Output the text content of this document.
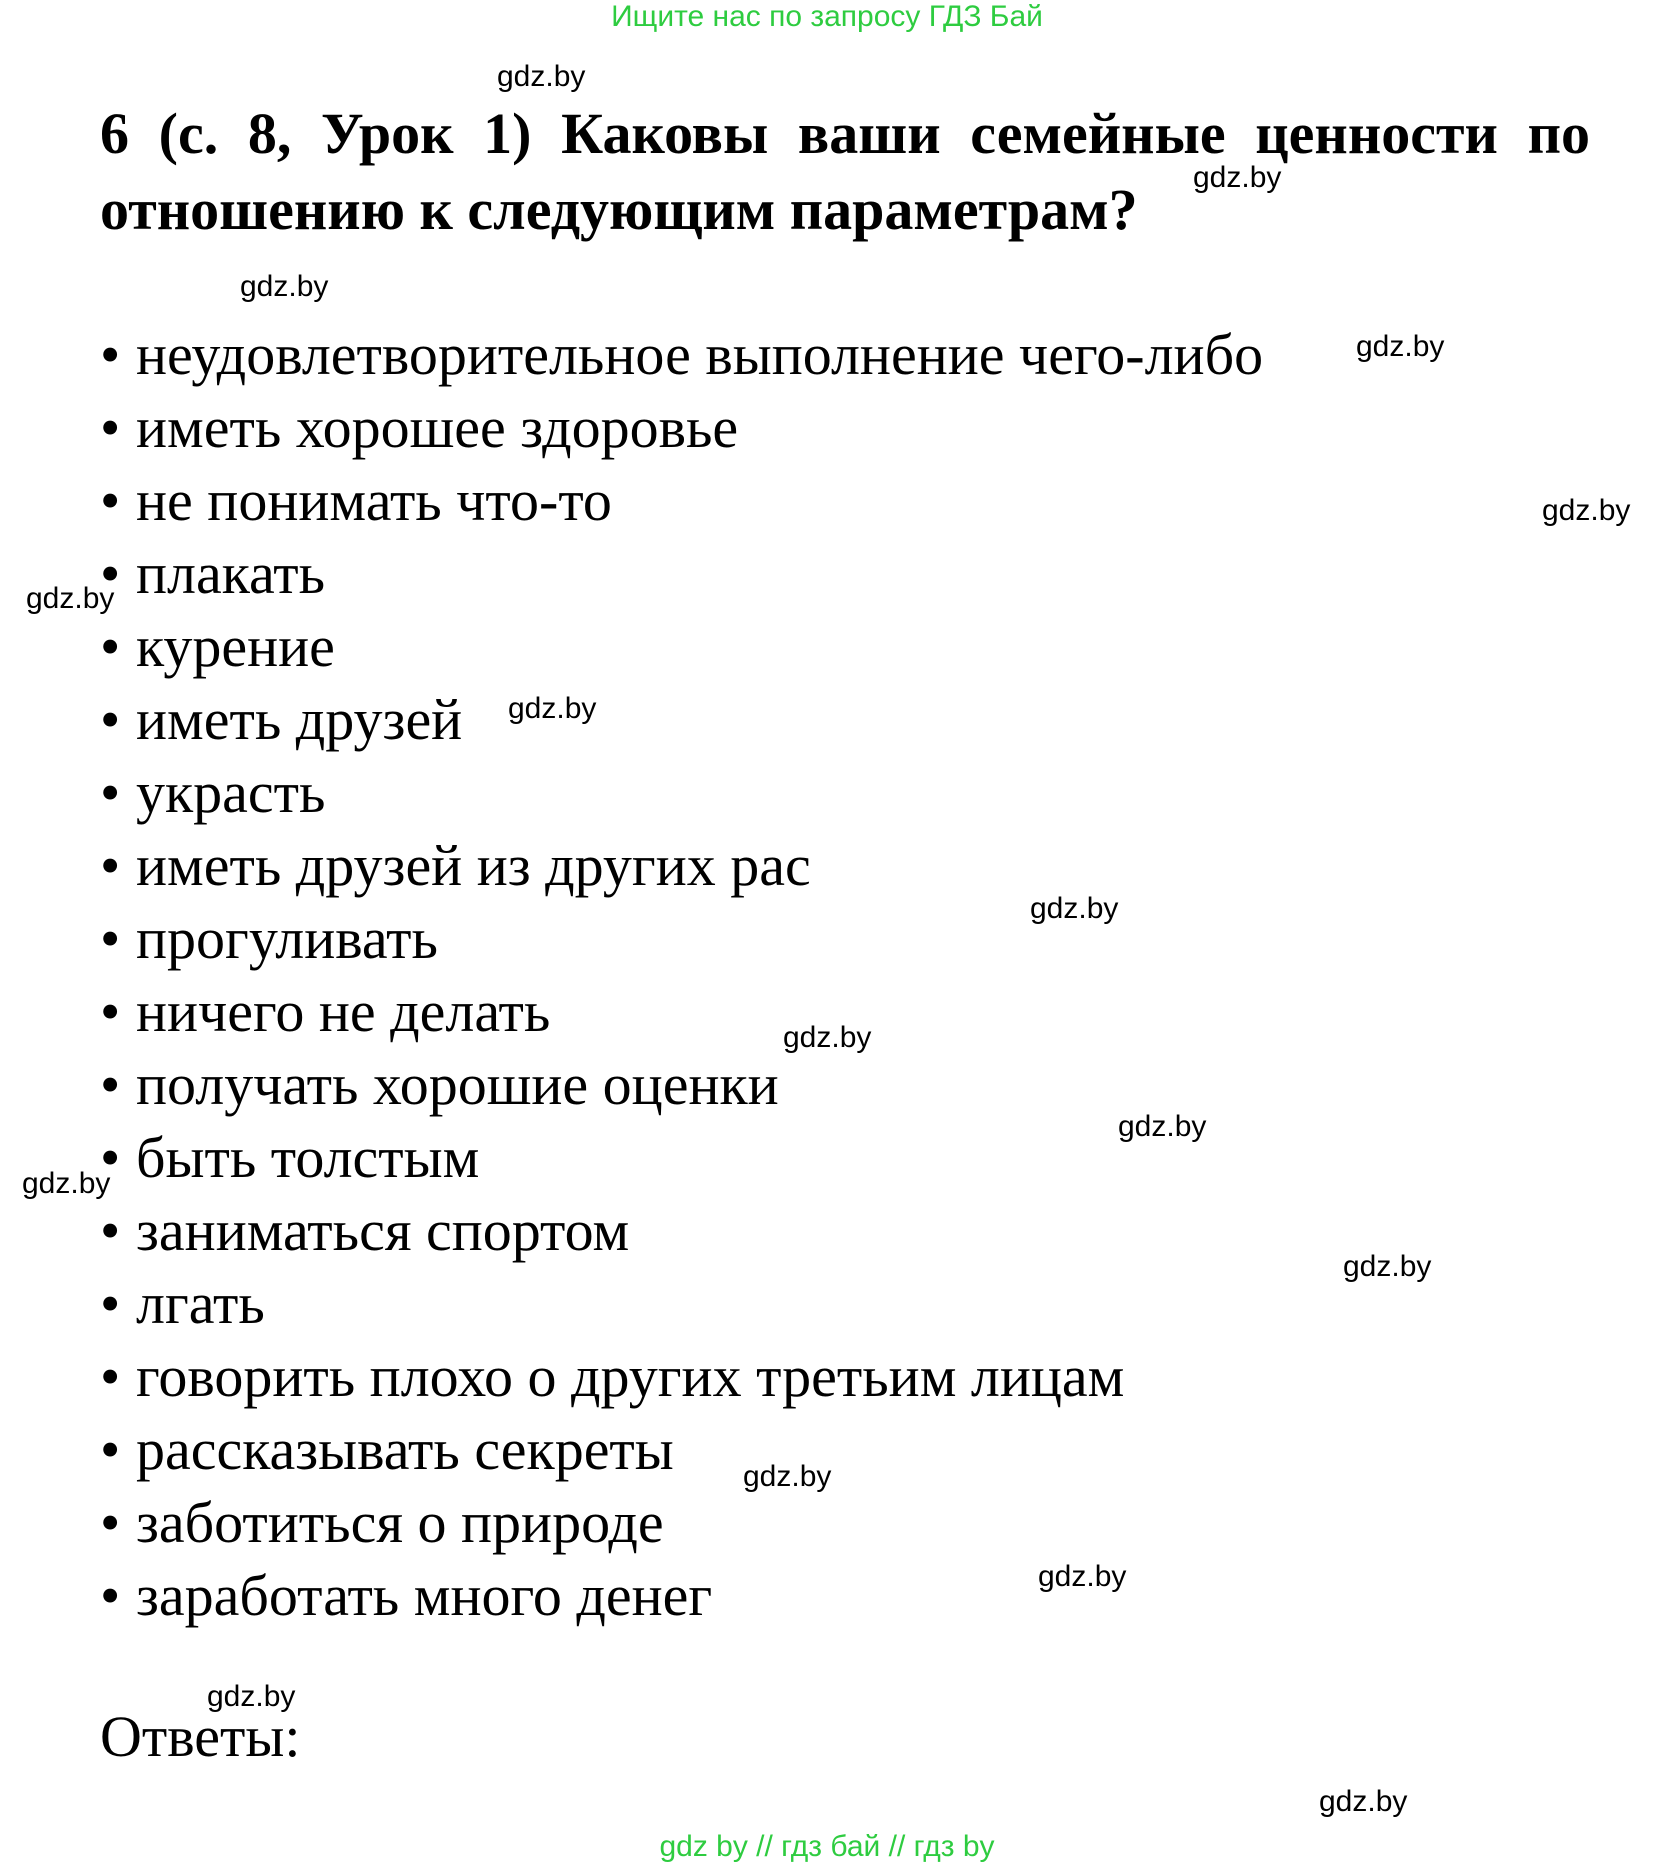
Ищите нас по запросу ГДЗ Бай
6 (с. 8, Урок 1) Каковы ваши семейные ценности по
отношению к следующим параметрам?
• неудовлетворительное выполнение чего-либо
• иметь хорошее здоровье
• не понимать что-то
• плакать
• курение
• иметь друзей
• украсть
• иметь друзей из других рас
• прогуливать
• ничего не делать
• получать хорошие оценки
• быть толстым
• заниматься спортом
• лгать
• говорить плохо о других третьим лицам
• рассказывать секреты
• заботиться о природе
• заработать много денег
Ответы:
gdz.by
gdz.by
gdz.by
gdz.by
gdz.by
gdz.by
gdz.by
gdz.by
gdz.by
gdz.by
gdz.by
gdz.by
gdz.by
gdz.by
gdz.by
gdz.by
gdz by // гдз бай // гдз by
